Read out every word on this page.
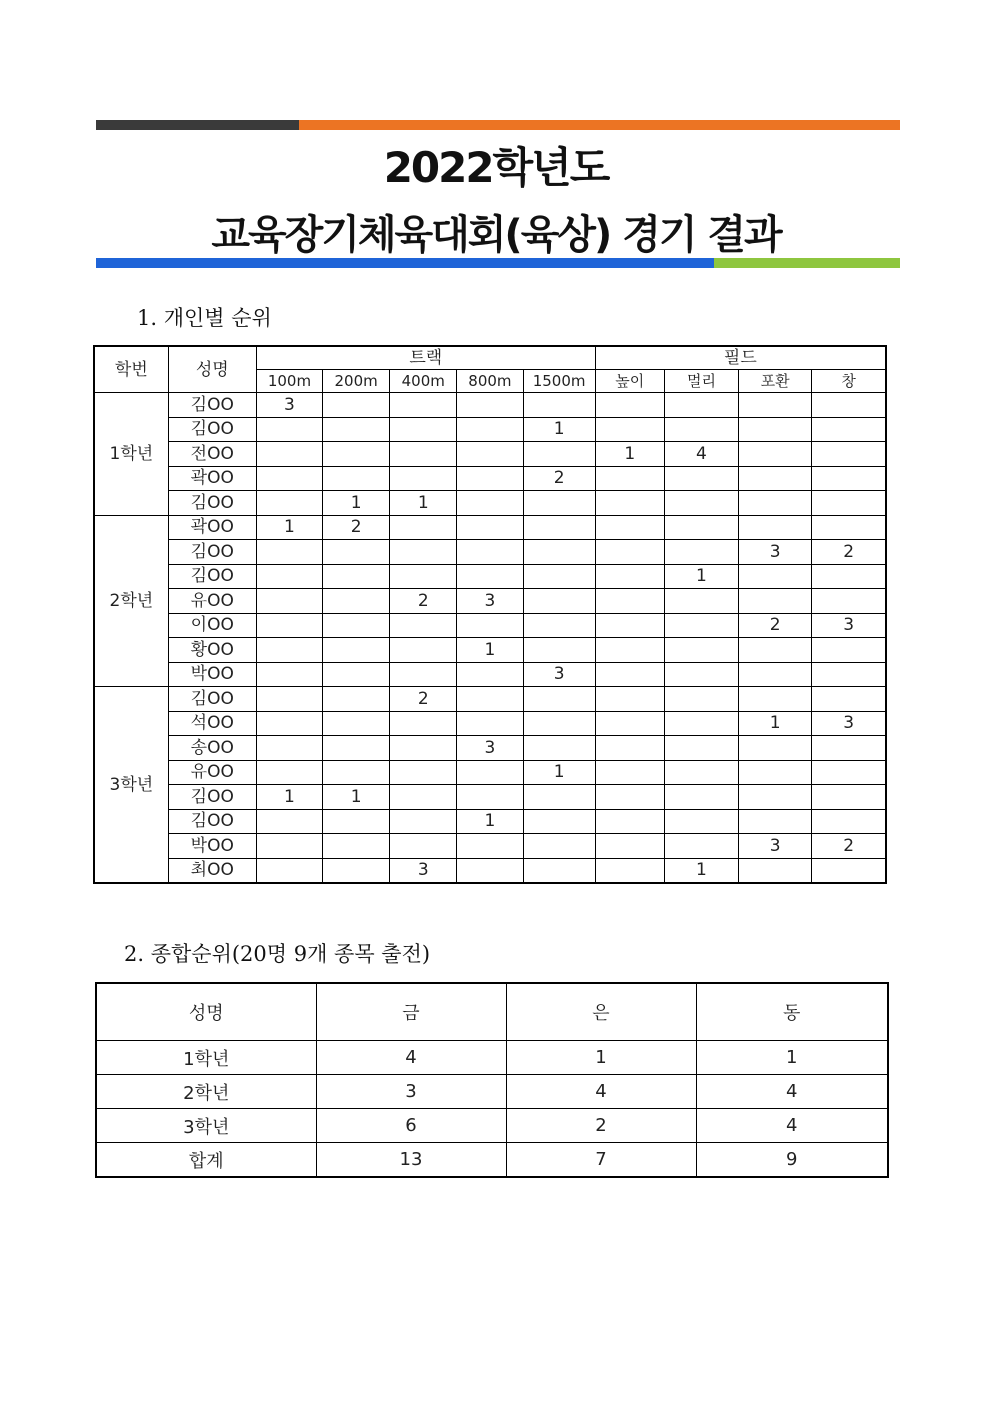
2022학년도
교육장기체육대회(육상) 경기 결과
1. 개인별 순위
학번	성명	트랙					필드			
		100m	200m	400m	800m	1500m	높이	멀리	포환	창
1학년	김OO	3								
	김OO					1				
	전OO						1	4		
	곽OO					2				
	김OO		1	1						
2학년	곽OO	1	2							
	김OO								3	2
	김OO							1		
	유OO			2	3					
	이OO								2	3
	황OO				1					
	박OO					3				
3학년	김OO			2						
	석OO								1	3
	송OO				3					
	유OO					1				
	김OO	1	1							
	김OO				1					
	박OO								3	2
	최OO			3				1		
2. 종합순위(20명 9개 종목 출전)
성명	금	은	동
1학년	4	1	1
2학년	3	4	4
3학년	6	2	4
합계	13	7	9
